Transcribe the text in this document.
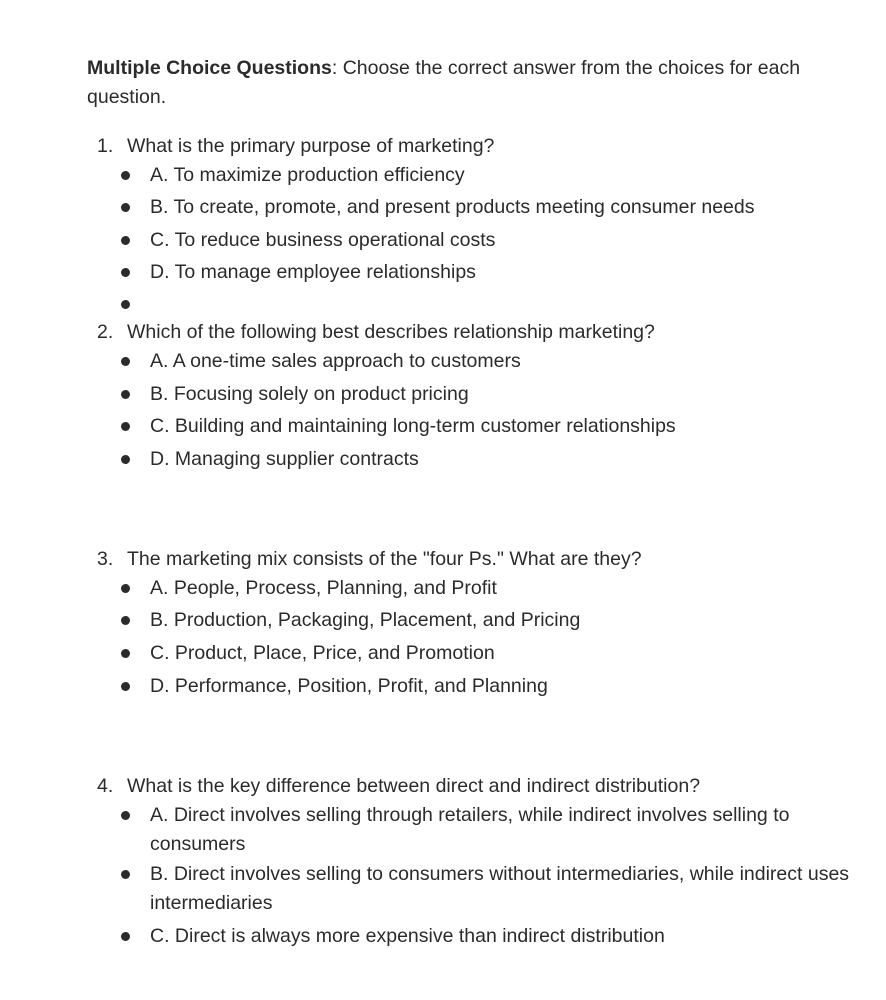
Multiple Choice Questions: Choose the correct answer from the choices for each question.
1. What is the primary purpose of marketing?
A. To maximize production efficiency
B. To create, promote, and present products meeting consumer needs
C. To reduce business operational costs
D. To manage employee relationships
2. Which of the following best describes relationship marketing?
A. A one-time sales approach to customers
B. Focusing solely on product pricing
C. Building and maintaining long-term customer relationships
D. Managing supplier contracts
3. The marketing mix consists of the "four Ps." What are they?
A. People, Process, Planning, and Profit
B. Production, Packaging, Placement, and Pricing
C. Product, Place, Price, and Promotion
D. Performance, Position, Profit, and Planning
4. What is the key difference between direct and indirect distribution?
A. Direct involves selling through retailers, while indirect involves selling to consumers
B. Direct involves selling to consumers without intermediaries, while indirect uses intermediaries
C. Direct is always more expensive than indirect distribution
